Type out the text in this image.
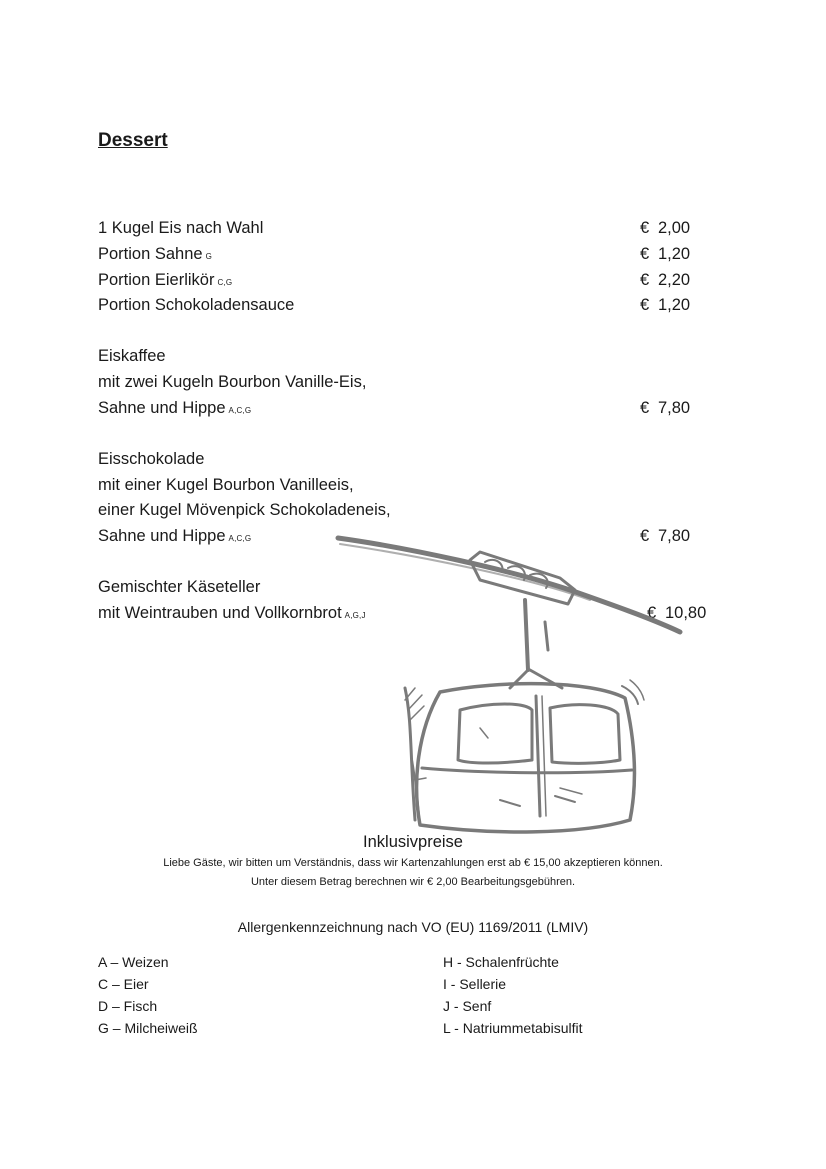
Dessert
1 Kugel Eis nach Wahl	€ 2,00
Portion Sahne G	€ 1,20
Portion Eierlikör C,G	€ 2,20
Portion Schokoladensauce	€ 1,20
Eiskaffee
mit zwei Kugeln Bourbon Vanille-Eis,
Sahne und Hippe A,C,G	€ 7,80
Eisschokolade
mit einer Kugel Bourbon Vanilleeis,
einer Kugel Mövenpick Schokoladeneis,
Sahne und Hippe A,C,G	€ 7,80
Gemischter Käseteller
mit Weintrauben und Vollkornbrot A,G,J	€ 10,80
Inklusivpreise
Liebe Gäste, wir bitten um Verständnis, dass wir Kartenzahlungen erst ab € 15,00 akzeptieren können.
Unter diesem Betrag berechnen wir € 2,00 Bearbeitungsgebühren.
Allergenkennzeichnung nach VO (EU) 1169/2011 (LMIV)
A – Weizen
C – Eier
D – Fisch
G – Milcheiweiß
H - Schalenfrüchte
I - Sellerie
J - Senf
L - Natriummetabisulfit
